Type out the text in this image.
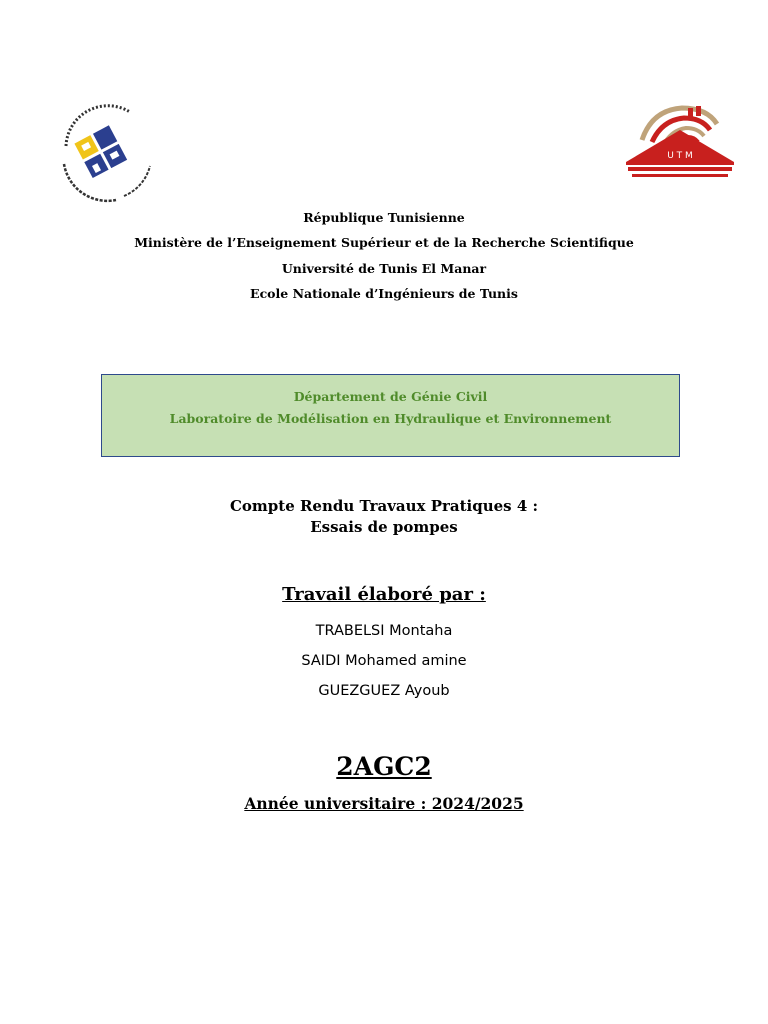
U T M
République Tunisienne
Ministère de l’Enseignement Supérieur et de la Recherche Scientifique
Université de Tunis El Manar
Ecole Nationale d’Ingénieurs de Tunis
Département de Génie Civil
Laboratoire de Modélisation en Hydraulique et Environnement
Compte Rendu Travaux Pratiques 4 :
Essais de pompes
Travail élaboré par :
TRABELSI Montaha
SAIDI Mohamed amine
GUEZGUEZ Ayoub
2AGC2
Année universitaire : 2024/2025
